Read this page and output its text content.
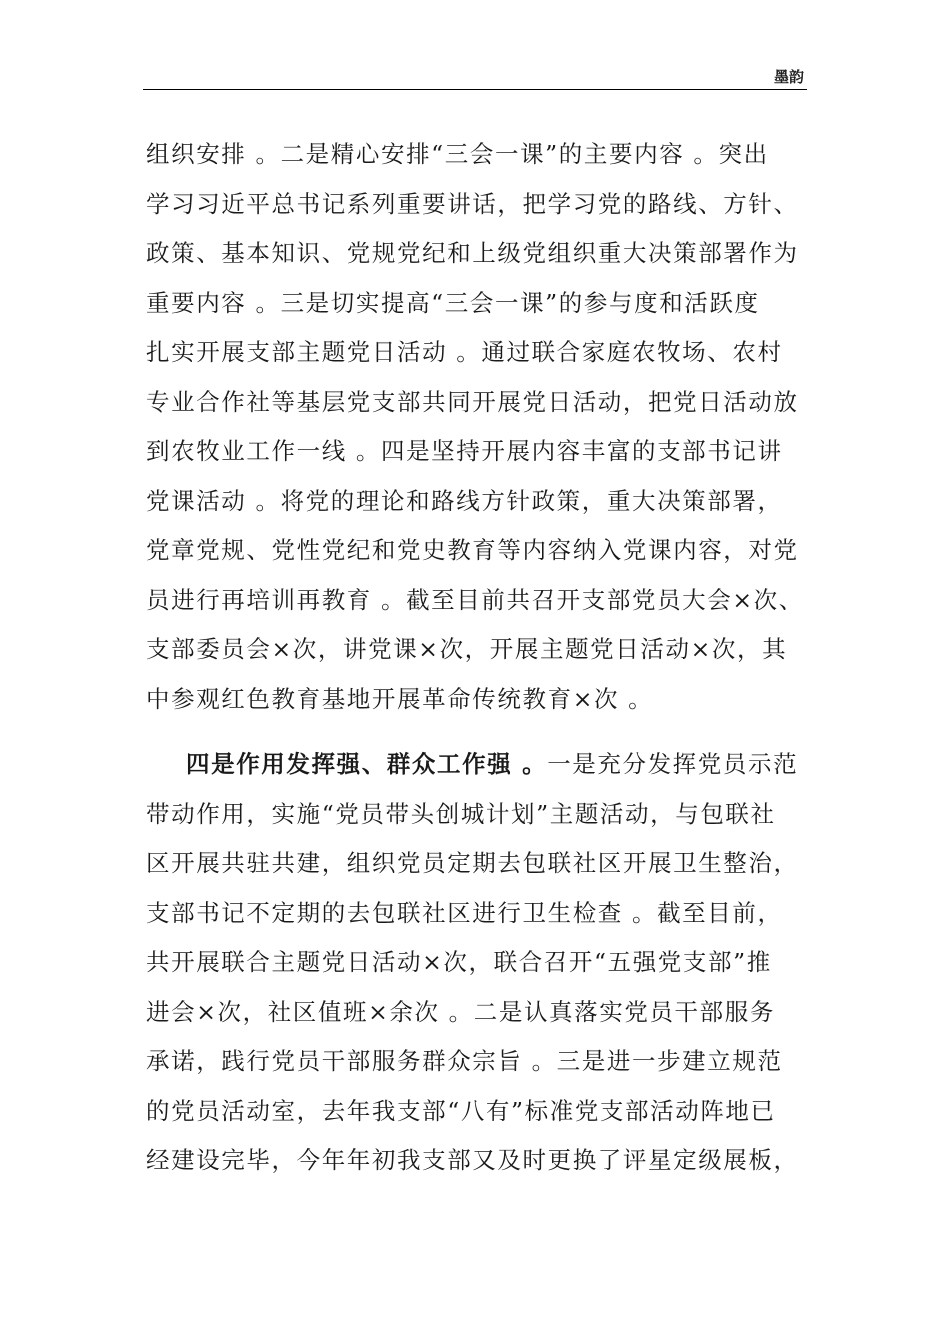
墨韵
组织安排 。二是精心安排“三会一课”的主要内容 。突出
学习习近平总书记系列重要讲话，把学习党的路线、方针、
政策、基本知识、党规党纪和上级党组织重大决策部署作为
重要内容 。三是切实提高“三会一课”的参与度和活跃度
扎实开展支部主题党日活动 。通过联合家庭农牧场、农村
专业合作社等基层党支部共同开展党日活动，把党日活动放
到农牧业工作一线 。四是坚持开展内容丰富的支部书记讲
党课活动 。将党的理论和路线方针政策，重大决策部署，
党章党规、党性党纪和党史教育等内容纳入党课内容，对党
员进行再培训再教育 。截至目前共召开支部党员大会×次、
支部委员会×次，讲党课×次，开展主题党日活动×次，其
中参观红色教育基地开展革命传统教育×次 。
四是作用发挥强、群众工作强 。一是充分发挥党员示范
带动作用，实施“党员带头创城计划”主题活动，与包联社
区开展共驻共建，组织党员定期去包联社区开展卫生整治，
支部书记不定期的去包联社区进行卫生检查 。截至目前，
共开展联合主题党日活动×次，联合召开“五强党支部”推
进会×次，社区值班×余次 。二是认真落实党员干部服务
承诺，践行党员干部服务群众宗旨 。三是进一步建立规范
的党员活动室，去年我支部“八有”标准党支部活动阵地已
经建设完毕，今年年初我支部又及时更换了评星定级展板，
